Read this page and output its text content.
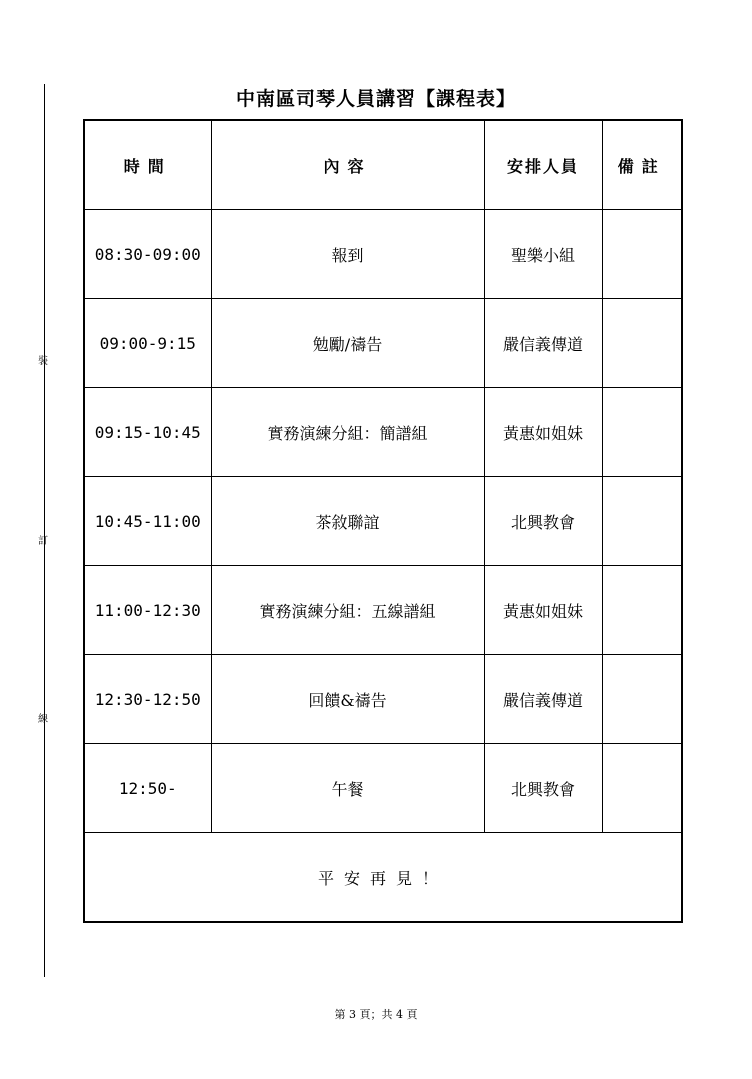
裝
訂
線
中南區司琴人員講習【課程表】
時間	內容	安排人員	備註
08:30-09:00	報到	聖樂小組	
09:00-9:15	勉勵/禱告	嚴信義傳道	
09:15-10:45	實務演練分組：簡譜組	黃惠如姐妹	
10:45-11:00	茶敘聯誼	北興教會	
11:00-12:30	實務演練分組：五線譜組	黃惠如姐妹	
12:30-12:50	回饋&禱告	嚴信義傳道	
12:50-	午餐	北興教會	
平安再見！			
第 3 頁；共 4 頁
